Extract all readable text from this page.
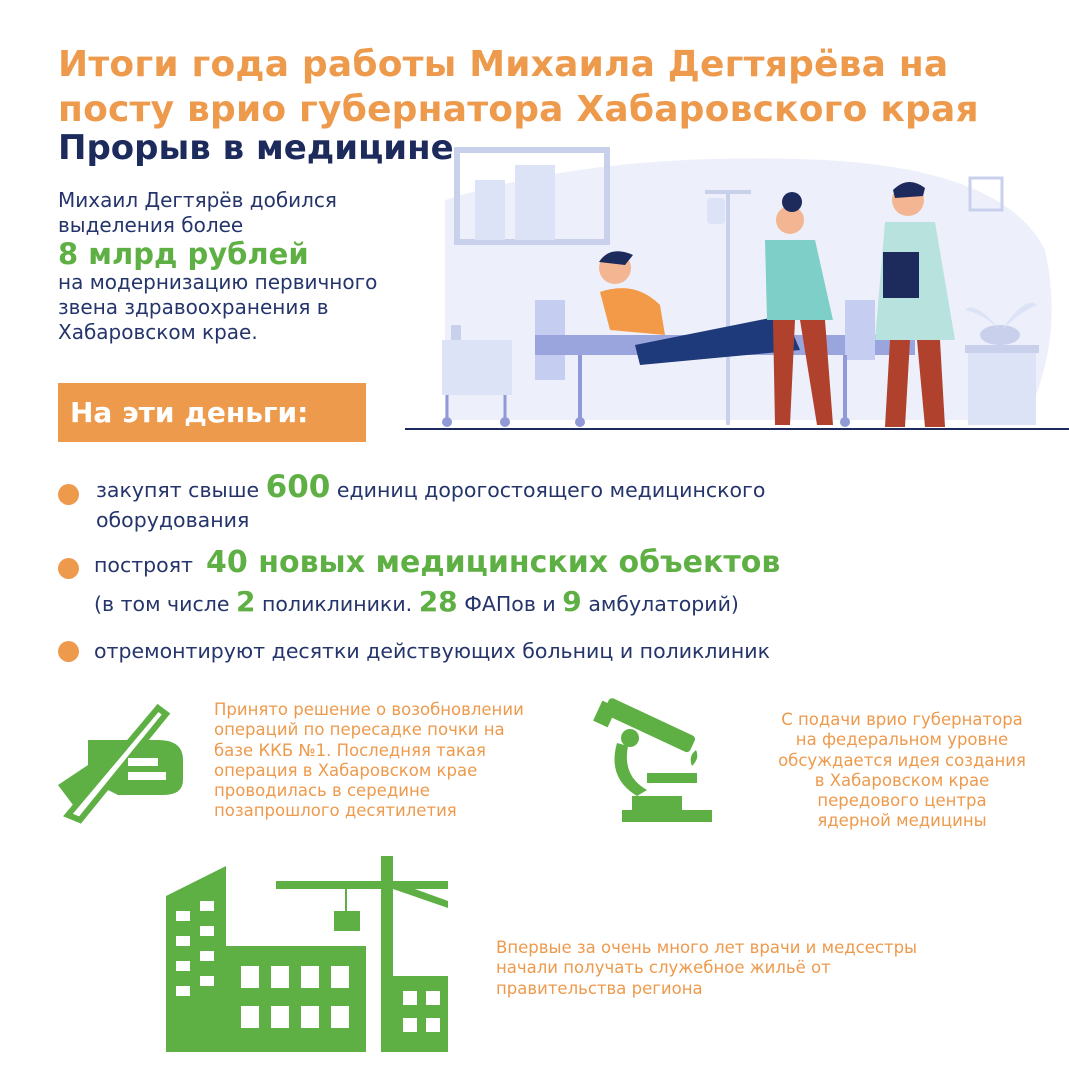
Итоги года работы Михаила Дегтярёва на
посту врио губернатора Хабаровского края
Прорыв в медицине
Михаил Дегтярёв добился
выделения более
8 млрд рублей
на модернизацию первичного
звена здравоохранения в
Хабаровском крае.
На эти деньги:
закупят свыше 600 единиц дорогостоящего медицинского
оборудования
построят 40 новых медицинских объектов
(в том числе 2 поликлиники. 28 ФАПов и 9 амбулаторий)
отремонтируют десятки действующих больниц и поликлиник
Принято решение о возобновлении
операций по пересадке почки на
базе ККБ №1. Последняя такая
операция в Хабаровском крае
проводилась в середине
позапрошлого десятилетия
С подачи врио губернатора
на федеральном уровне
обсуждается идея создания
в Хабаровском крае
передового центра
ядерной медицины
Впервые за очень много лет врачи и медсестры
начали получать служебное жильё от
правительства региона
